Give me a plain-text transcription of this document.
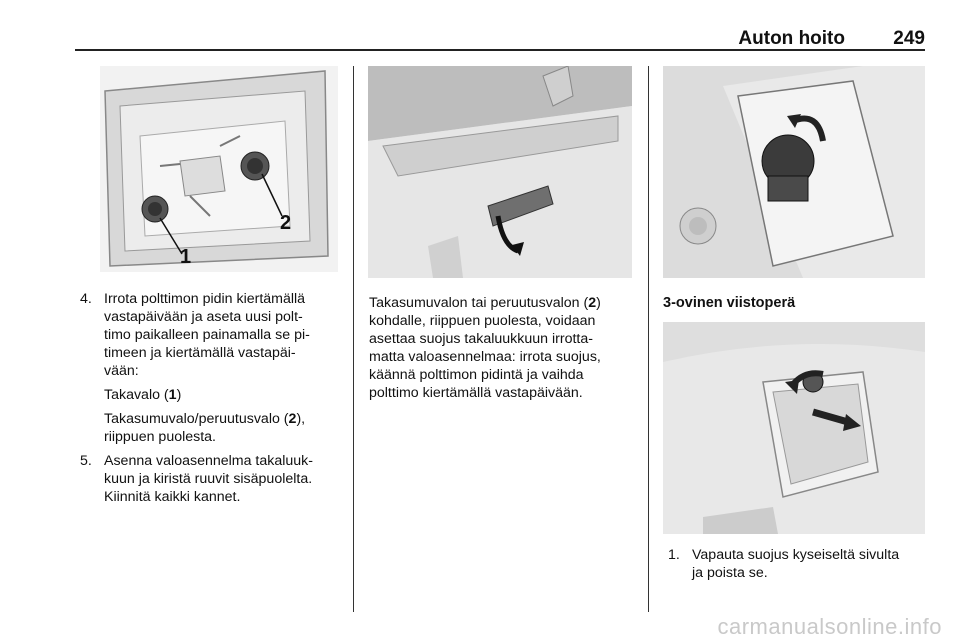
Auton hoito	249
2
1
4. Irrota polttimon pidin kiertämällä
vastapäivään ja aseta uusi polt-
timo paikalleen painamalla se pi-
timeen ja kiertämällä vastapäi-
vään:
Takavalo (1)
Takasumuvalo/peruutusvalo (2),
riippuen puolesta.
5. Asenna valoasennelma takaluuk-
kuun ja kiristä ruuvit sisäpuolelta.
Kiinnitä kaikki kannet.
Takasumuvalon tai peruutusvalon (2)
kohdalle, riippuen puolesta, voidaan
asettaa suojus takaluukkuun irrotta-
matta valoasennelmaa: irrota suojus,
käännä polttimon pidintä ja vaihda
polttimo kiertämällä vastapäivään.
3-ovinen viistoperä
1. Vapauta suojus kyseiseltä sivulta
ja poista se.
carmanualsonline.info
